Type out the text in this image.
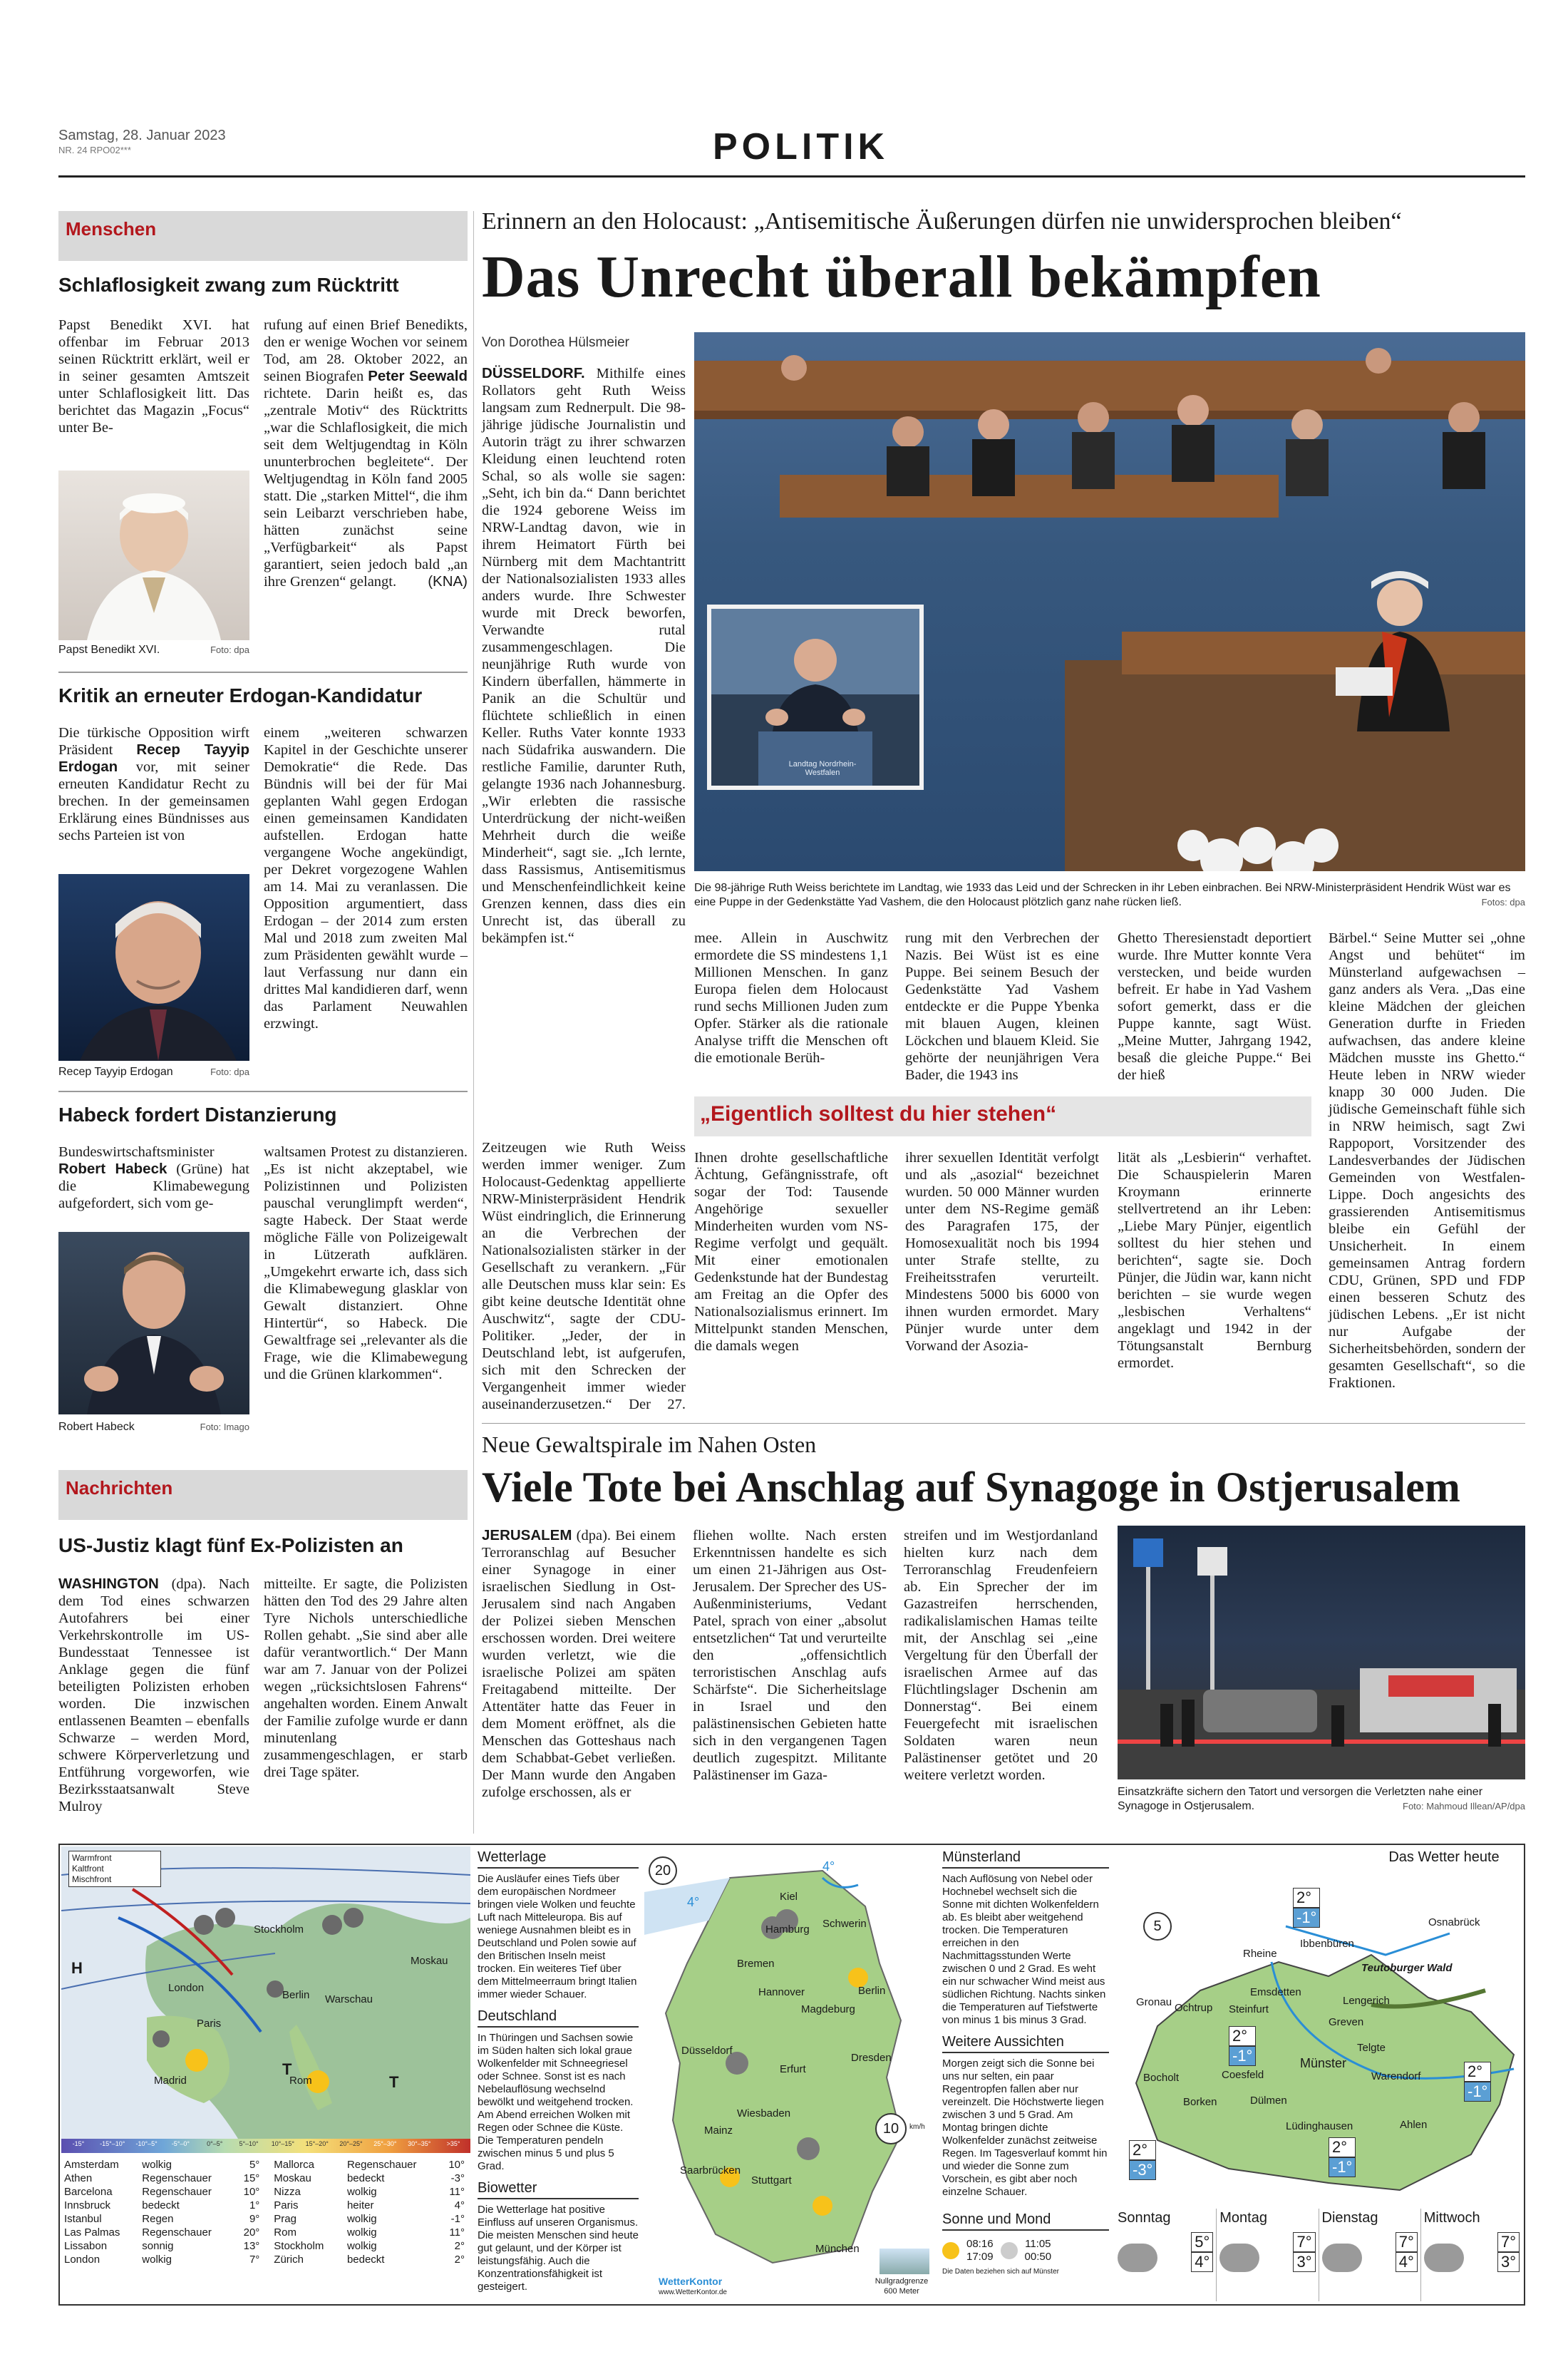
Samstag, 28. Januar 2023
NR. 24 RPO02***	POLITIK
Menschen
Schlaflosigkeit zwang zum Rücktritt
Papst Benedikt XVI. hat offenbar im Februar 2013 seinen Rücktritt erklärt, weil er in seiner gesamten Amtszeit unter Schlaflosigkeit litt. Das berichtet das Magazin „Focus“ unter Be-
Papst Benedikt XVI.	Foto: dpa
rufung auf einen Brief Benedikts, den er wenige Wochen vor seinem Tod, am 28. Oktober 2022, an seinen Biografen Peter Seewald richtete. Darin heißt es, das „zentrale Motiv“ des Rücktritts „war die Schlaflosigkeit, die mich seit dem Weltjugendtag in Köln ununterbrochen begleitete“. Der Weltjugendtag in Köln fand 2005 statt. Die „starken Mittel“, die ihm sein Leibarzt verschrieben habe, hätten zunächst seine „Verfügbarkeit“ als Papst garantiert, seien jedoch bald „an ihre Grenzen“ gelangt. (KNA)
Kritik an erneuter Erdogan-Kandidatur
Die türkische Opposition wirft Präsident Recep Tayyip Erdogan vor, mit seiner erneuten Kandidatur Recht zu brechen. In der gemeinsamen Erklärung eines Bündnisses aus sechs Parteien ist von
Recep Tayyip Erdogan	Foto: dpa
einem „weiteren schwarzen Kapitel in der Geschichte unserer Demokratie“ die Rede. Das Bündnis will bei der für Mai geplanten Wahl gegen Erdogan einen gemeinsamen Kandidaten aufstellen. Erdogan hatte vergangene Woche angekündigt, per Dekret vorgezogene Wahlen am 14. Mai zu veranlassen. Die Opposition argumentiert, dass Erdogan – der 2014 zum ersten Mal und 2018 zum zweiten Mal zum Präsidenten gewählt wurde – laut Verfassung nur dann ein drittes Mal kandidieren darf, wenn das Parlament Neuwahlen erzwingt.
Habeck fordert Distanzierung
Bundeswirtschaftsminister Robert Habeck (Grüne) hat die Klimabewegung aufgefordert, sich vom ge-
Robert Habeck	Foto: Imago
waltsamen Protest zu distanzieren. „Es ist nicht akzeptabel, wie Polizistinnen und Polizisten pauschal verunglimpft werden“, sagte Habeck. Der Staat werde mögliche Fälle von Polizeigewalt in Lützerath aufklären. „Umgekehrt erwarte ich, dass sich die Klimabewegung glasklar von Gewalt distanziert. Ohne Hintertür“, so Habeck. Die Gewaltfrage sei „relevanter als die Frage, wie die Klimabewegung und die Grünen klarkommen“.
Nachrichten
US-Justiz klagt fünf Ex-Polizisten an
WASHINGTON (dpa). Nach dem Tod eines schwarzen Autofahrers bei einer Verkehrskontrolle im US-Bundesstaat Tennessee ist Anklage gegen die fünf beteiligten Polizisten erhoben worden. Die inzwischen entlassenen Beamten – ebenfalls Schwarze – werden Mord, schwere Körperverletzung und Entführung vorgeworfen, wie Bezirksstaatsanwalt Steve Mulroy
mitteilte. Er sagte, die Polizisten hätten den Tod des 29 Jahre alten Tyre Nichols unterschiedliche Rollen gehabt. „Sie sind aber alle dafür verantwortlich.“ Der Mann war am 7. Januar von der Polizei wegen „rücksichtslosen Fahrens“ angehalten worden. Einem Anwalt der Familie zufolge wurde er dann minutenlang zusammengeschlagen, er starb drei Tage später.
Erinnern an den Holocaust: „Antisemitische Äußerungen dürfen nie unwidersprochen bleiben“
Das Unrecht überall bekämpfen
Von Dorothea Hülsmeier
DÜSSELDORF. Mithilfe eines Rollators geht Ruth Weiss langsam zum Rednerpult. Die 98-jährige jüdische Journalistin und Autorin trägt zu ihrer schwarzen Kleidung einen leuchtend roten Schal, so als wolle sie sagen: „Seht, ich bin da.“ Dann berichtet die 1924 geborene Weiss im NRW-Landtag davon, wie in ihrem Heimatort Fürth bei Nürnberg mit dem Machtantritt der Nationalsozialisten 1933 alles anders wurde. Ihre Schwester wurde mit Dreck beworfen, Verwandte rutal zusammengeschlagen. Die neunjährige Ruth wurde von Kindern überfallen, hämmerte in Panik an die Schultür und flüchtete schließlich in einen Keller. Ruths Vater konnte 1933 nach Südafrika auswandern. Die restliche Familie, darunter Ruth, gelangte 1936 nach Johannesburg. „Wir erlebten die rassische Unterdrückung der nicht-weißen Mehrheit durch die weiße Minderheit“, sagt sie. „Ich lernte, dass Rassismus, Antisemitismus und Menschenfeindlichkeit keine Grenzen kennen, dass dies ein Unrecht ist, das überall zu bekämpfen ist.“
Landtag Nordrhein-Westfalen
Die 98-jährige Ruth Weiss berichtete im Landtag, wie 1933 das Leid und der Schrecken in ihr Leben einbrachen. Bei NRW-Ministerpräsident Hendrik Wüst war es eine Puppe in der Gedenkstätte Yad Vashem, die den Holocaust plötzlich ganz nahe rücken ließ.	Fotos: dpa
mee. Allein in Auschwitz ermordete die SS mindestens 1,1 Millionen Menschen. In ganz Europa fielen dem Holocaust rund sechs Millionen Juden zum Opfer. Stärker als die rationale Analyse trifft die Menschen oft die emotionale Berüh-
rung mit den Verbrechen der Nazis. Bei Wüst ist es eine Puppe. Bei seinem Besuch der Gedenkstätte Yad Vashem entdeckte er die Puppe Ybenka mit blauen Augen, kleinen Löckchen und blauem Kleid. Sie gehörte der neunjährigen Vera Bader, die 1943 ins
Ghetto Theresienstadt deportiert wurde. Ihre Mutter konnte Vera verstecken, und beide wurden befreit. Er habe in Yad Vashem sofort gemerkt, dass er die Puppe kannte, sagt Wüst. „Meine Mutter, Jahrgang 1942, besaß die gleiche Puppe.“ Bei der hieß
Bärbel.“ Seine Mutter sei „ohne Angst und behütet“ im Münsterland aufgewachsen – ganz anders als Vera. „Das eine kleine Mädchen der gleichen Generation durfte in Frieden aufwachsen, das andere kleine Mädchen musste ins Ghetto.“ Heute leben in NRW wieder knapp 30 000 Juden. Die jüdische Gemeinschaft fühle sich in NRW heimisch, sagt Zwi Rappoport, Vorsitzender des Landesverbandes der Jüdischen Gemeinden von Westfalen-Lippe. Doch angesichts des grassierenden Antisemitismus bleibe ein Gefühl der Unsicherheit. In einem gemeinsamen Antrag fordern CDU, Grünen, SPD und FDP einen besseren Schutz des jüdischen Lebens. „Er ist nicht nur Aufgabe der Sicherheitsbehörden, sondern der gesamten Gesellschaft“, so die Fraktionen.
„Eigentlich solltest du hier stehen“
Ihnen drohte gesellschaftliche Ächtung, Gefängnisstrafe, oft sogar der Tod: Tausende Angehörige sexueller Minderheiten wurden vom NS-Regime verfolgt und gequält. Mit einer emotionalen Gedenkstunde hat der Bundestag am Freitag an die Opfer des Nationalsozialismus erinnert. Im Mittelpunkt standen Menschen, die damals wegen
ihrer sexuellen Identität verfolgt und als „asozial“ bezeichnet wurden. 50 000 Männer wurden unter dem NS-Regime gemäß des Paragrafen 175, der Homosexualität noch bis 1994 unter Strafe stellte, zu Freiheitsstrafen verurteilt. Mindestens 5000 bis 6000 von ihnen wurden ermordet. Mary Pünjer wurde unter dem Vorwand der Asozia-
lität als „Lesbierin“ verhaftet. Die Schauspielerin Maren Kroymann erinnerte stellvertretend an ihr Leben: „Liebe Mary Pünjer, eigentlich solltest du hier stehen und berichten“, sagte sie. Doch Pünjer, die Jüdin war, kann nicht berichten – sie wurde wegen „lesbischen Verhaltens“ angeklagt und 1942 in der Tötungsanstalt Bernburg ermordet.
Zeitzeugen wie Ruth Weiss werden immer weniger. Zum Holocaust-Gedenktag appellierte NRW-Ministerpräsident Hendrik Wüst eindringlich, die Erinnerung an die Verbrechen der Nationalsozialisten stärker in der Gesellschaft zu verankern. „Für alle Deutschen muss klar sein: Es gibt keine deutsche Identität ohne Auschwitz“, sagte der CDU-Politiker. „Jeder, der in Deutschland lebt, ist aufgerufen, sich mit den Schrecken der Vergangenheit immer wieder auseinanderzusetzen.“ Der 27.
Neue Gewaltspirale im Nahen Osten
Viele Tote bei Anschlag auf Synagoge in Ostjerusalem
JERUSALEM (dpa). Bei einem Terroranschlag auf Besucher einer Synagoge in einer israelischen Siedlung in Ost-Jerusalem sind nach Angaben der Polizei sieben Menschen erschossen worden. Drei weitere wurden verletzt, wie die israelische Polizei am späten Freitagabend mitteilte. Der Attentäter hatte das Feuer in dem Moment eröffnet, als die Menschen das Gotteshaus nach dem Schabbat-Gebet verließen. Der Mann wurde den Angaben zufolge erschossen, als er
fliehen wollte. Nach ersten Erkenntnissen handelte es sich um einen 21-Jährigen aus Ost-Jerusalem. Der Sprecher des US-Außenministeriums, Vedant Patel, sprach von einer „absolut entsetzlichen“ Tat und verurteilte den „offensichtlich terroristischen Anschlag aufs Schärfste“. Die Sicherheitslage in Israel und den palästinensischen Gebieten hatte sich in den vergangenen Tagen deutlich zugespitzt. Militante Palästinenser im Gaza-
streifen und im Westjordanland hielten kurz nach dem Terroranschlag Freudenfeiern ab. Ein Sprecher der im Gazastreifen herrschenden, radikalislamischen Hamas teilte mit, der Anschlag sei „eine Vergeltung für den Überfall der israelischen Armee auf das Flüchtlingslager Dschenin am Donnerstag“. Bei einem Feuergefecht mit israelischen Soldaten waren neun Palästinenser getötet und 20 weitere verletzt worden.
Einsatzkräfte sichern den Tatort und versorgen die Verletzten nahe einer Synagoge in Ostjerusalem.	Foto: Mahmoud Illean/AP/dpa
Warmfront
Kaltfront
Mischfront
Stockholm
Moskau
London
Berlin Warschau
Paris
Madrid	Rom
H
T
T
-15°	-15°–10°	-10°–5°	-5°–0°	0°–5°	5°–10°	10°–15°	15°–20°	20°–25°	25°–30°	30°–35°	>35°
Amsterdam	wolkig	5°	Mallorca	Regenschauer	10°
Athen	Regenschauer	15°	Moskau	bedeckt	-3°
Barcelona	Regenschauer	10°	Nizza	wolkig	11°
Innsbruck	bedeckt	1°	Paris	heiter	4°
Istanbul	Regen	9°	Prag	wolkig	-1°
Las Palmas	Regenschauer	20°	Rom	wolkig	11°
Lissabon	sonnig	13°	Stockholm	wolkig	2°
London	wolkig	7°	Zürich	bedeckt	2°
Wetterlage
Die Ausläufer eines Tiefs über dem europäischen Nordmeer bringen viele Wolken und feuchte Luft nach Mitteleuropa. Bis auf weniege Ausnahmen bleibt es in Deutschland und Polen sowie auf den Britischen Inseln meist trocken. Ein weiteres Tief über dem Mittelmeerraum bringt Italien immer wieder Schauer.
Deutschland
In Thüringen und Sachsen sowie im Süden halten sich lokal graue Wolkenfelder mit Schneegriesel oder Schnee. Sonst ist es nach Nebelauflösung wechselnd bewölkt und weitgehend trocken. Am Abend erreichen Wolken mit Regen oder Schnee die Küste. Die Temperaturen pendeln zwischen minus 5 und plus 5 Grad.
Biowetter
Die Wetterlage hat positive Einfluss auf unseren Organismus. Die meisten Menschen sind heute gut gelaunt, und der Körper ist leistungsfähig. Auch die Konzentrationsfähigkeit ist gesteigert.
20
10	km/h
4°
4°	Kiel
Hamburg Schwerin
Bremen
Hannover	Berlin
Magdeburg
Düsseldorf
Erfurt
Dresden
Mainz
Wiesbaden
Saarbrücken
Stuttgart
München
WetterKontor
www.WetterKontor.de
Nullgradgrenze
600 Meter
Münsterland
Nach Auflösung von Nebel oder Hochnebel wechselt sich die Sonne mit dichten Wolkenfeldern ab. Es bleibt aber weitgehend trocken. Die Temperaturen erreichen in den Nachmittagsstunden Werte zwischen 0 und 2 Grad. Es weht ein nur schwacher Wind meist aus südlichen Richtung. Nachts sinken die Temperaturen auf Tiefstwerte von minus 1 bis minus 3 Grad.
Weitere Aussichten
Morgen zeigt sich die Sonne bei uns nur selten, ein paar Regentropfen fallen aber nur vereinzelt. Die Höchstwerte liegen zwischen 3 und 5 Grad. Am Montag bringen dichte Wolkenfelder zunächst zeitweise Regen. Im Tagesverlauf kommt hin und wieder die Sonne zum Vorschein, es gibt aber noch einzelne Schauer.
Sonne und Mond
08:16
17:09
11:05
00:50
Die Daten beziehen sich auf Münster
Das Wetter heute
5	Osnabrück
Ibbenbüren
Rheine
Teutoburger Wald
Emsdetten
Lengerich
Gronau Ochtrup Steinfurt
Greven
Telgte
Münster
Warendorf
Bocholt	Coesfeld
Borken	Dülmen
Lüdinghausen	Ahlen
2°
-1°
2°
-1°
2°
-1°
2°
-3°
2°
-1°
Sonntag
5°
4°
Montag
7°
3°
Dienstag
7°
4°
Mittwoch
7°
3°
